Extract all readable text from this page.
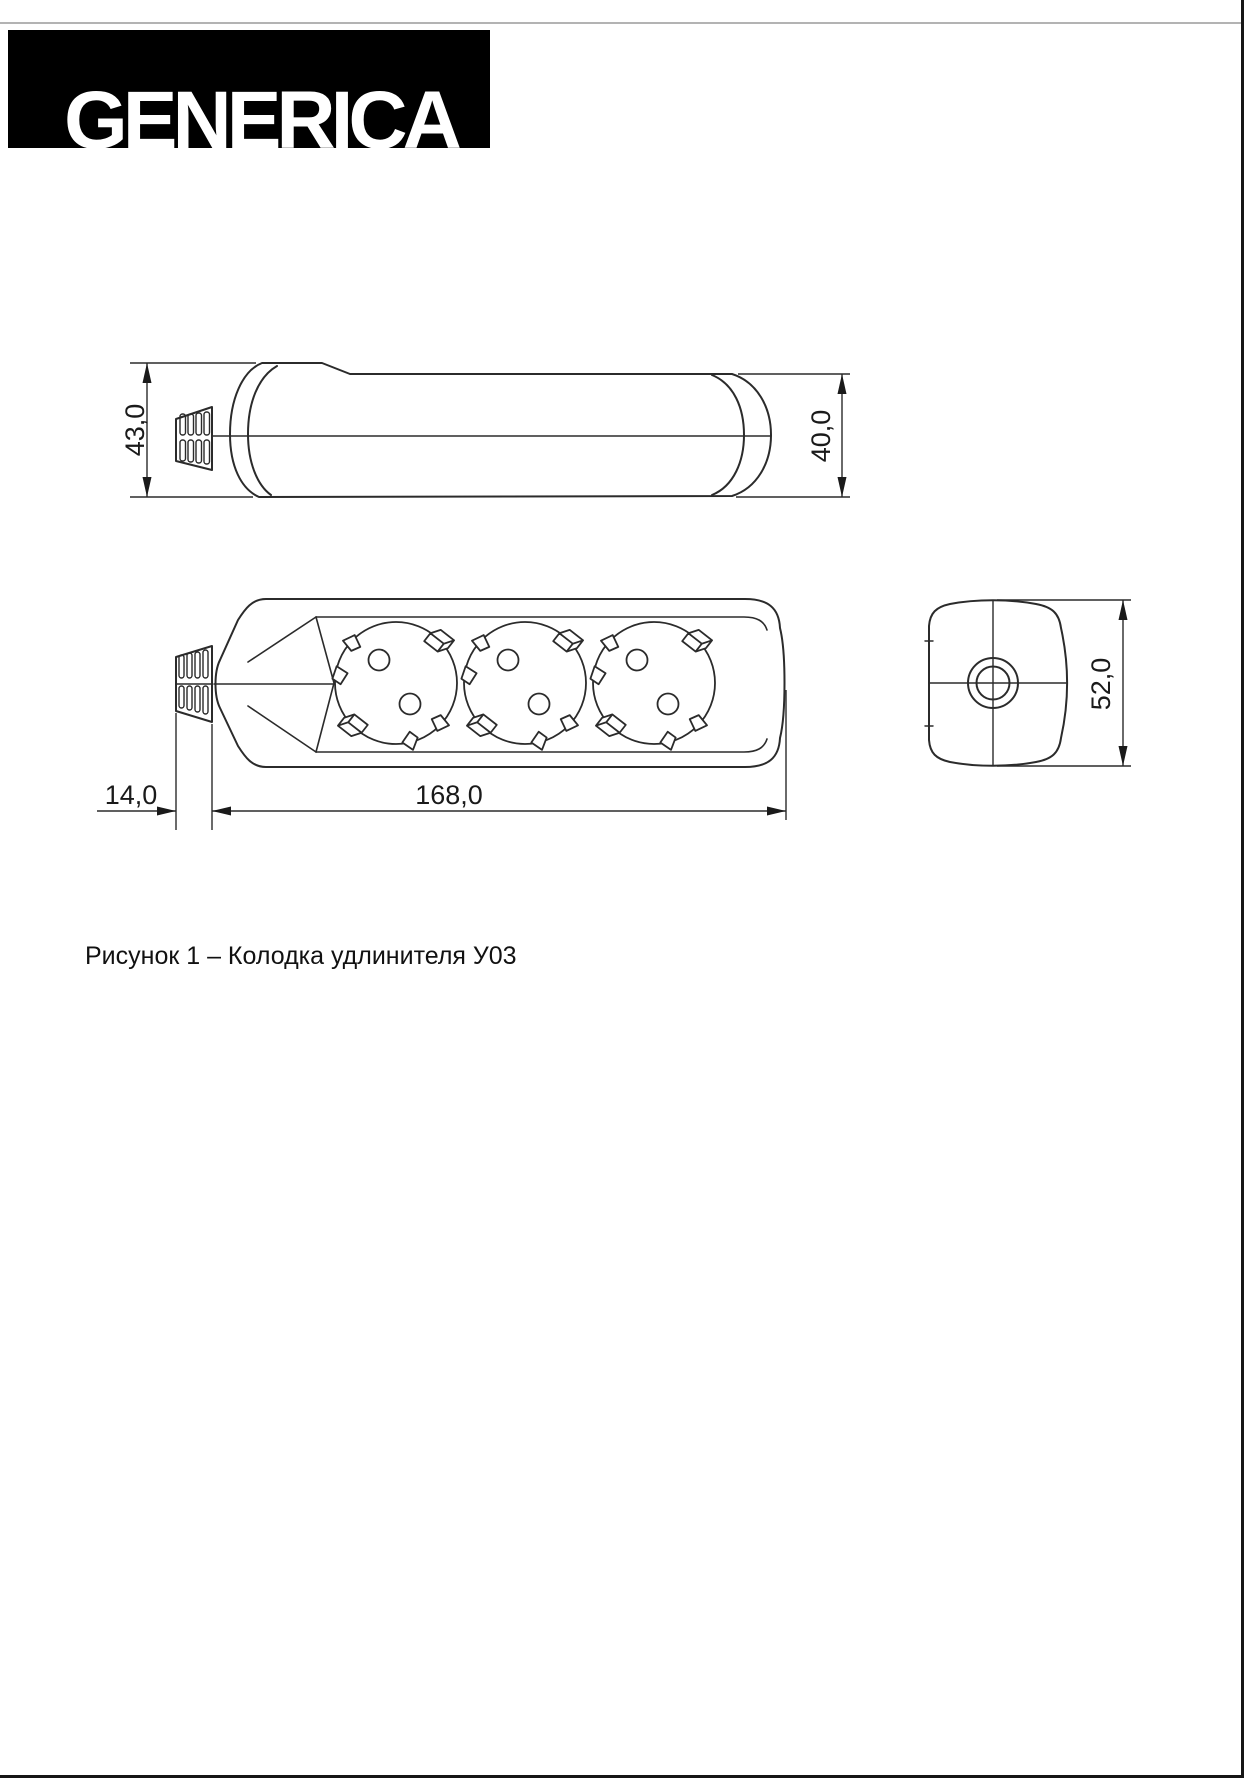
GENERICA

43,0	40,0
14,0	168,0
52,0
Рисунок 1 – Колодка удлинителя У03
